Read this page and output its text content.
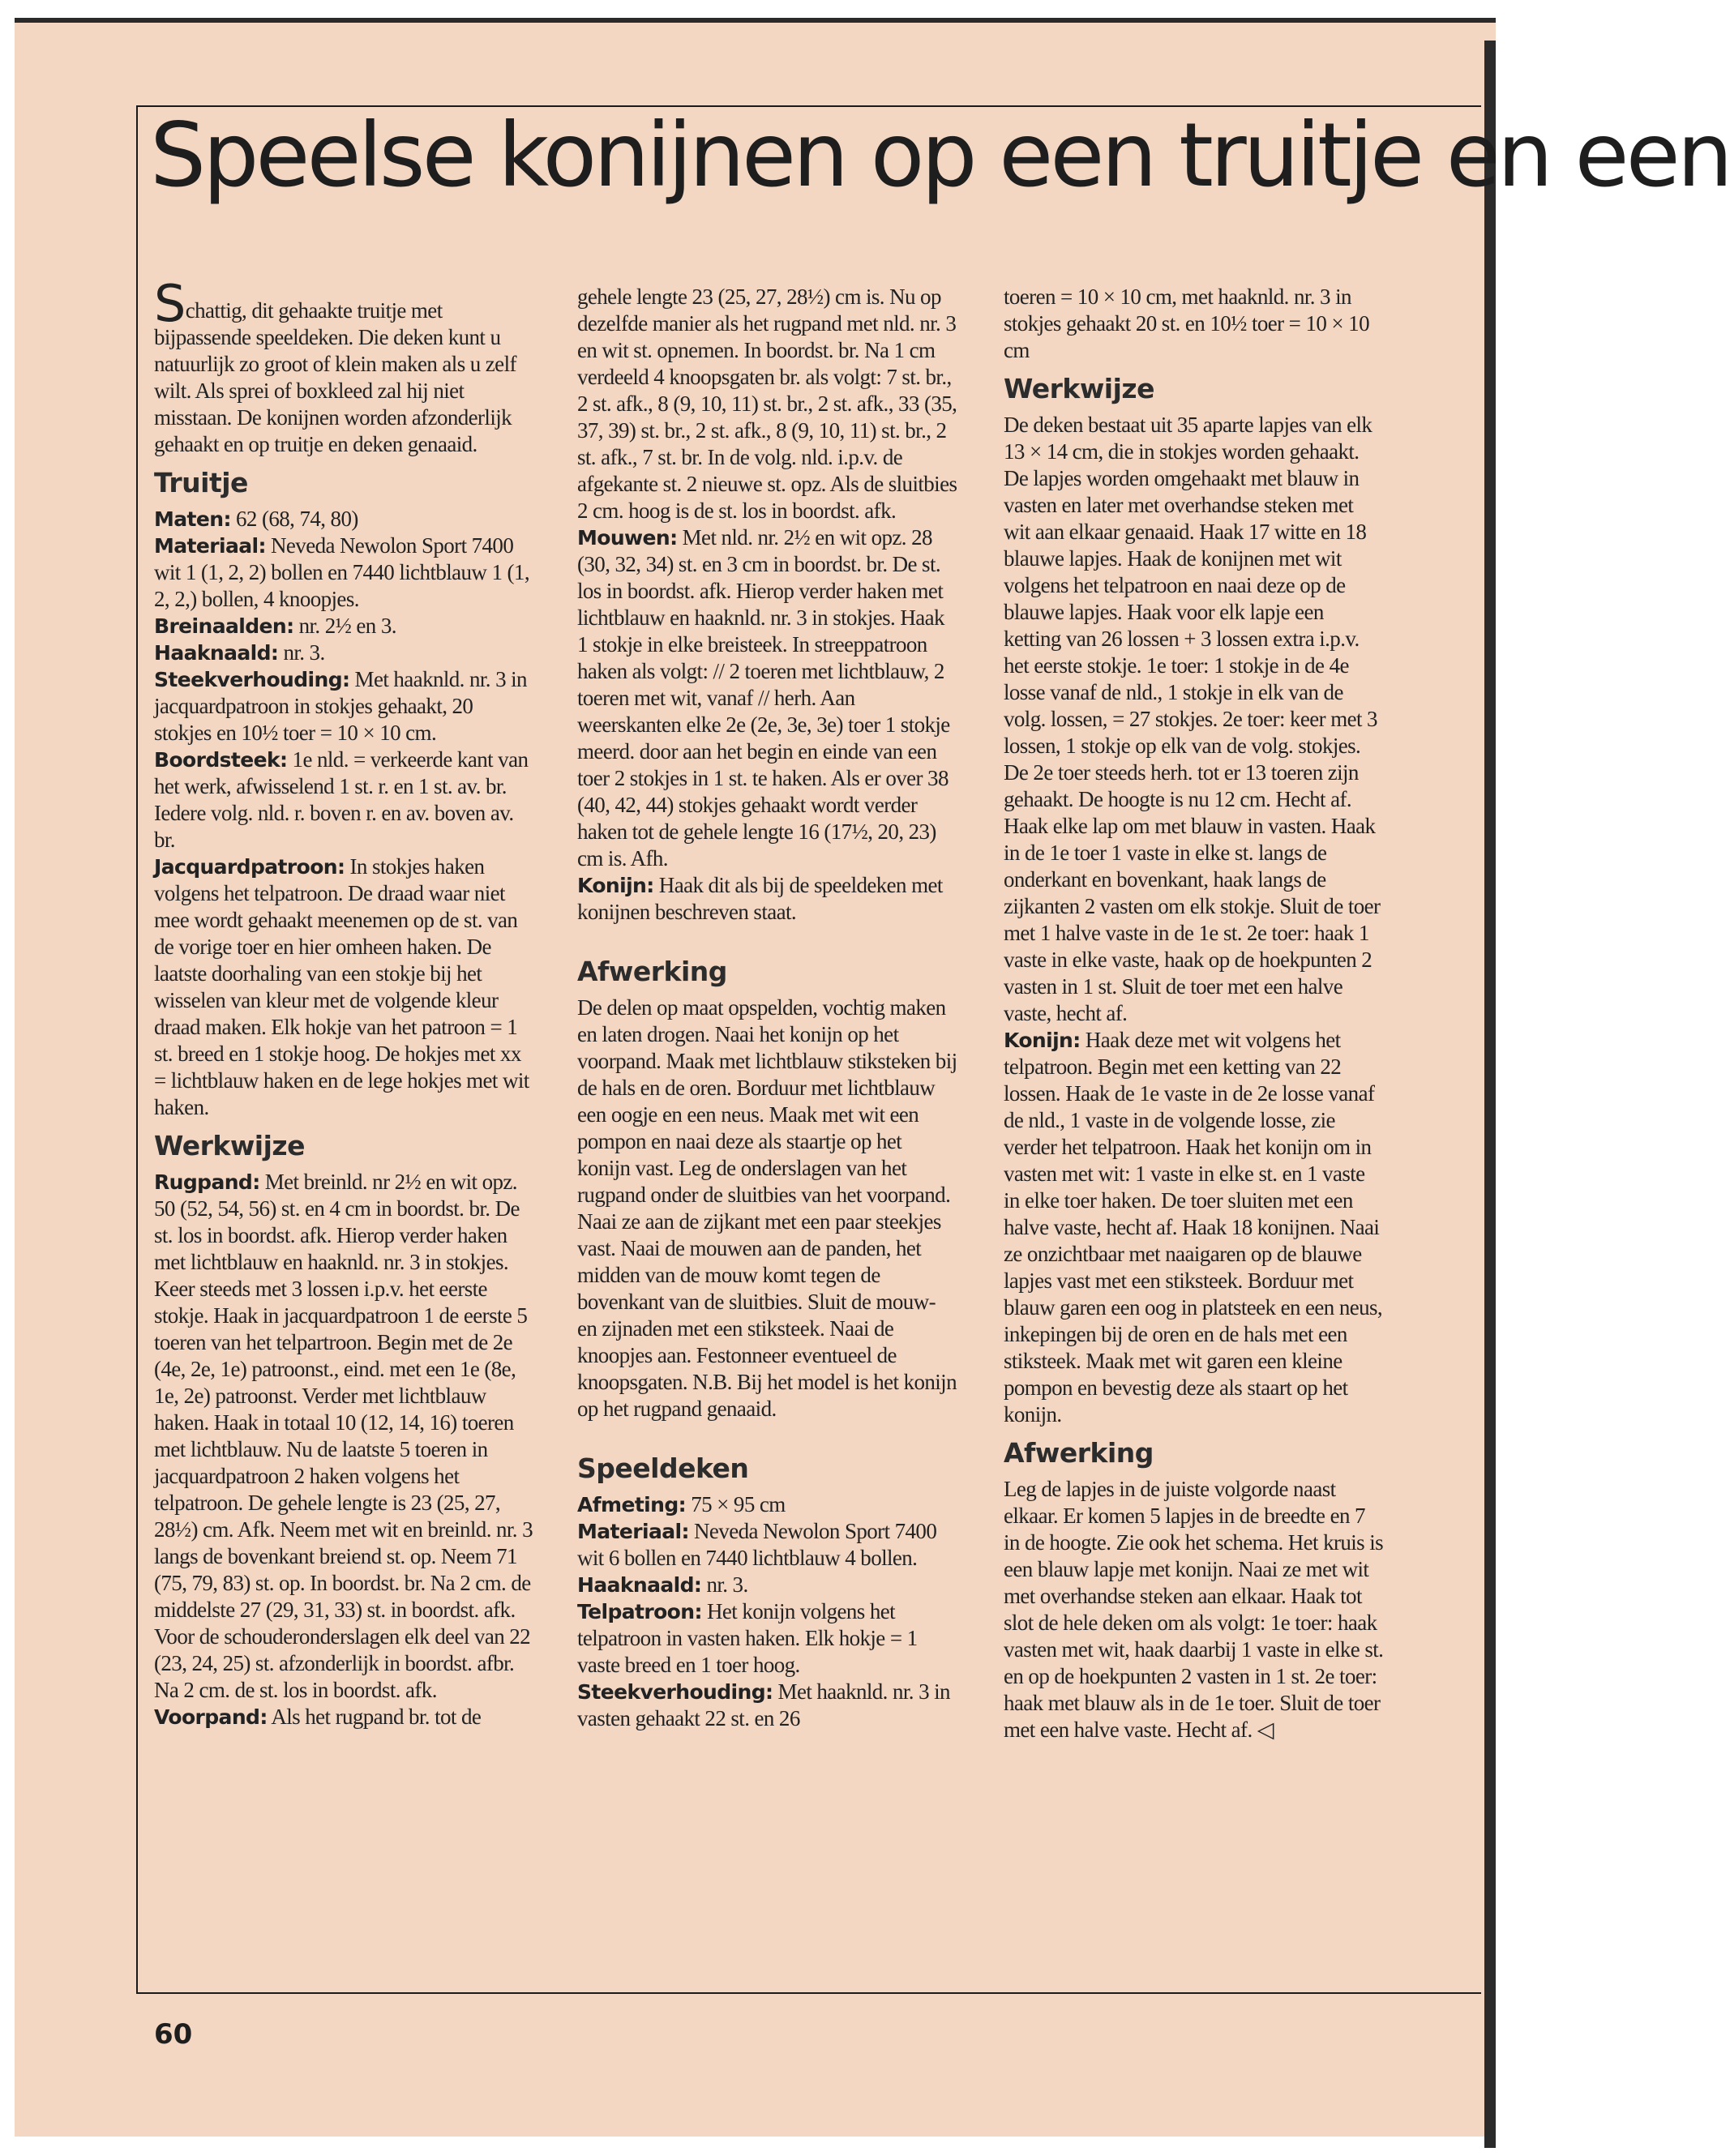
Speelse konijnen op een truitje en een

Schattig, dit gehaakte truitje met bijpassende speeldeken. Die deken kunt u natuurlijk zo groot of klein maken als u zelf wilt. Als sprei of boxkleed zal hij niet misstaan. De konijnen worden afzonderlijk gehaakt en op truitje en deken genaaid.

Truitje

Maten: 62 (68, 74, 80)

Materiaal: Neveda Newolon Sport 7400 wit 1 (1, 2, 2) bollen en 7440 lichtblauw 1 (1, 2, 2,) bollen, 4 knoopjes.

Breinaalden: nr. 2½ en 3.

Haaknaald: nr. 3.

Steekverhouding: Met haaknld. nr. 3 in jacquardpatroon in stokjes gehaakt, 20 stokjes en 10½ toer = 10 × 10 cm.

Boordsteek: 1e nld. = verkeerde kant van het werk, afwisselend 1 st. r. en 1 st. av. br. Iedere volg. nld. r. boven r. en av. boven av. br.

Jacquardpatroon: In stokjes haken volgens het telpatroon. De draad waar niet mee wordt gehaakt meenemen op de st. van de vorige toer en hier omheen haken. De laatste doorhaling van een stokje bij het wisselen van kleur met de volgende kleur draad maken. Elk hokje van het patroon = 1 st. breed en 1 stokje hoog. De hokjes met xx = lichtblauw haken en de lege hokjes met wit haken.

Werkwijze

Rugpand: Met breinld. nr 2½ en wit opz. 50 (52, 54, 56) st. en 4 cm in boordst. br. De st. los in boordst. afk. Hierop verder haken met lichtblauw en haaknld. nr. 3 in stokjes. Keer steeds met 3 lossen i.p.v. het eerste stokje. Haak in jacquardpatroon 1 de eerste 5 toeren van het telpartroon. Begin met de 2e (4e, 2e, 1e) patroonst., eind. met een 1e (8e, 1e, 2e) patroonst. Verder met lichtblauw haken. Haak in totaal 10 (12, 14, 16) toeren met lichtblauw. Nu de laatste 5 toeren in jacquardpatroon 2 haken volgens het telpatroon. De gehele lengte is 23 (25, 27, 28½) cm. Afk. Neem met wit en breinld. nr. 3 langs de bovenkant breiend st. op. Neem 71 (75, 79, 83) st. op. In boordst. br. Na 2 cm. de middelste 27 (29, 31, 33) st. in boordst. afk. Voor de schouderonderslagen elk deel van 22 (23, 24, 25) st. afzonderlijk in boordst. afbr. Na 2 cm. de st. los in boordst. afk.

Voorpand: Als het rugpand br. tot de

gehele lengte 23 (25, 27, 28½) cm is. Nu op dezelfde manier als het rugpand met nld. nr. 3 en wit st. opnemen. In boordst. br. Na 1 cm verdeeld 4 knoopsgaten br. als volgt: 7 st. br., 2 st. afk., 8 (9, 10, 11) st. br., 2 st. afk., 33 (35, 37, 39) st. br., 2 st. afk., 8 (9, 10, 11) st. br., 2 st. afk., 7 st. br. In de volg. nld. i.p.v. de afgekante st. 2 nieuwe st. opz. Als de sluitbies 2 cm. hoog is de st. los in boordst. afk.

Mouwen: Met nld. nr. 2½ en wit opz. 28 (30, 32, 34) st. en 3 cm in boordst. br. De st. los in boordst. afk. Hierop verder haken met lichtblauw en haaknld. nr. 3 in stokjes. Haak 1 stokje in elke breisteek. In streeppatroon haken als volgt: // 2 toeren met lichtblauw, 2 toeren met wit, vanaf // herh. Aan weerskanten elke 2e (2e, 3e, 3e) toer 1 stokje meerd. door aan het begin en einde van een toer 2 stokjes in 1 st. te haken. Als er over 38 (40, 42, 44) stokjes gehaakt wordt verder haken tot de gehele lengte 16 (17½, 20, 23) cm is. Afh.

Konijn: Haak dit als bij de speeldeken met konijnen beschreven staat.

Afwerking

De delen op maat opspelden, vochtig maken en laten drogen. Naai het konijn op het voorpand. Maak met lichtblauw stiksteken bij de hals en de oren. Borduur met lichtblauw een oogje en een neus. Maak met wit een pompon en naai deze als staartje op het konijn vast. Leg de onderslagen van het rugpand onder de sluitbies van het voorpand. Naai ze aan de zijkant met een paar steekjes vast. Naai de mouwen aan de panden, het midden van de mouw komt tegen de bovenkant van de sluitbies. Sluit de mouw- en zijnaden met een stiksteek. Naai de knoopjes aan. Festonneer eventueel de knoopsgaten. N.B. Bij het model is het konijn op het rugpand genaaid.

Speeldeken

Afmeting: 75 × 95 cm

Materiaal: Neveda Newolon Sport 7400 wit 6 bollen en 7440 lichtblauw 4 bollen.

Haaknaald: nr. 3.

Telpatroon: Het konijn volgens het telpatroon in vasten haken. Elk hokje = 1 vaste breed en 1 toer hoog.

Steekverhouding: Met haaknld. nr. 3 in vasten gehaakt 22 st. en 26

toeren = 10 × 10 cm, met haaknld. nr. 3 in stokjes gehaakt 20 st. en 10½ toer = 10 × 10 cm

Werkwijze

De deken bestaat uit 35 aparte lapjes van elk 13 × 14 cm, die in stokjes worden gehaakt. De lapjes worden omgehaakt met blauw in vasten en later met overhandse steken met wit aan elkaar genaaid. Haak 17 witte en 18 blauwe lapjes. Haak de konijnen met wit volgens het telpatroon en naai deze op de blauwe lapjes. Haak voor elk lapje een ketting van 26 lossen + 3 lossen extra i.p.v. het eerste stokje. 1e toer: 1 stokje in de 4e losse vanaf de nld., 1 stokje in elk van de volg. lossen, = 27 stokjes. 2e toer: keer met 3 lossen, 1 stokje op elk van de volg. stokjes. De 2e toer steeds herh. tot er 13 toeren zijn gehaakt. De hoogte is nu 12 cm. Hecht af. Haak elke lap om met blauw in vasten. Haak in de 1e toer 1 vaste in elke st. langs de onderkant en bovenkant, haak langs de zijkanten 2 vasten om elk stokje. Sluit de toer met 1 halve vaste in de 1e st. 2e toer: haak 1 vaste in elke vaste, haak op de hoekpunten 2 vasten in 1 st. Sluit de toer met een halve vaste, hecht af.

Konijn: Haak deze met wit volgens het telpatroon. Begin met een ketting van 22 lossen. Haak de 1e vaste in de 2e losse vanaf de nld., 1 vaste in de volgende losse, zie verder het telpatroon. Haak het konijn om in vasten met wit: 1 vaste in elke st. en 1 vaste in elke toer haken. De toer sluiten met een halve vaste, hecht af. Haak 18 konijnen. Naai ze onzichtbaar met naaigaren op de blauwe lapjes vast met een stiksteek. Borduur met blauw garen een oog in platsteek en een neus, inkepingen bij de oren en de hals met een stiksteek. Maak met wit garen een kleine pompon en bevestig deze als staart op het konijn.

Afwerking

Leg de lapjes in de juiste volgorde naast elkaar. Er komen 5 lapjes in de breedte en 7 in de hoogte. Zie ook het schema. Het kruis is een blauw lapje met konijn. Naai ze met wit met overhandse steken aan elkaar. Haak tot slot de hele deken om als volgt: 1e toer: haak vasten met wit, haak daarbij 1 vaste in elke st. en op de hoekpunten 2 vasten in 1 st. 2e toer: haak met blauw als in de 1e toer. Sluit de toer met een halve vaste. Hecht af. ◁

60
